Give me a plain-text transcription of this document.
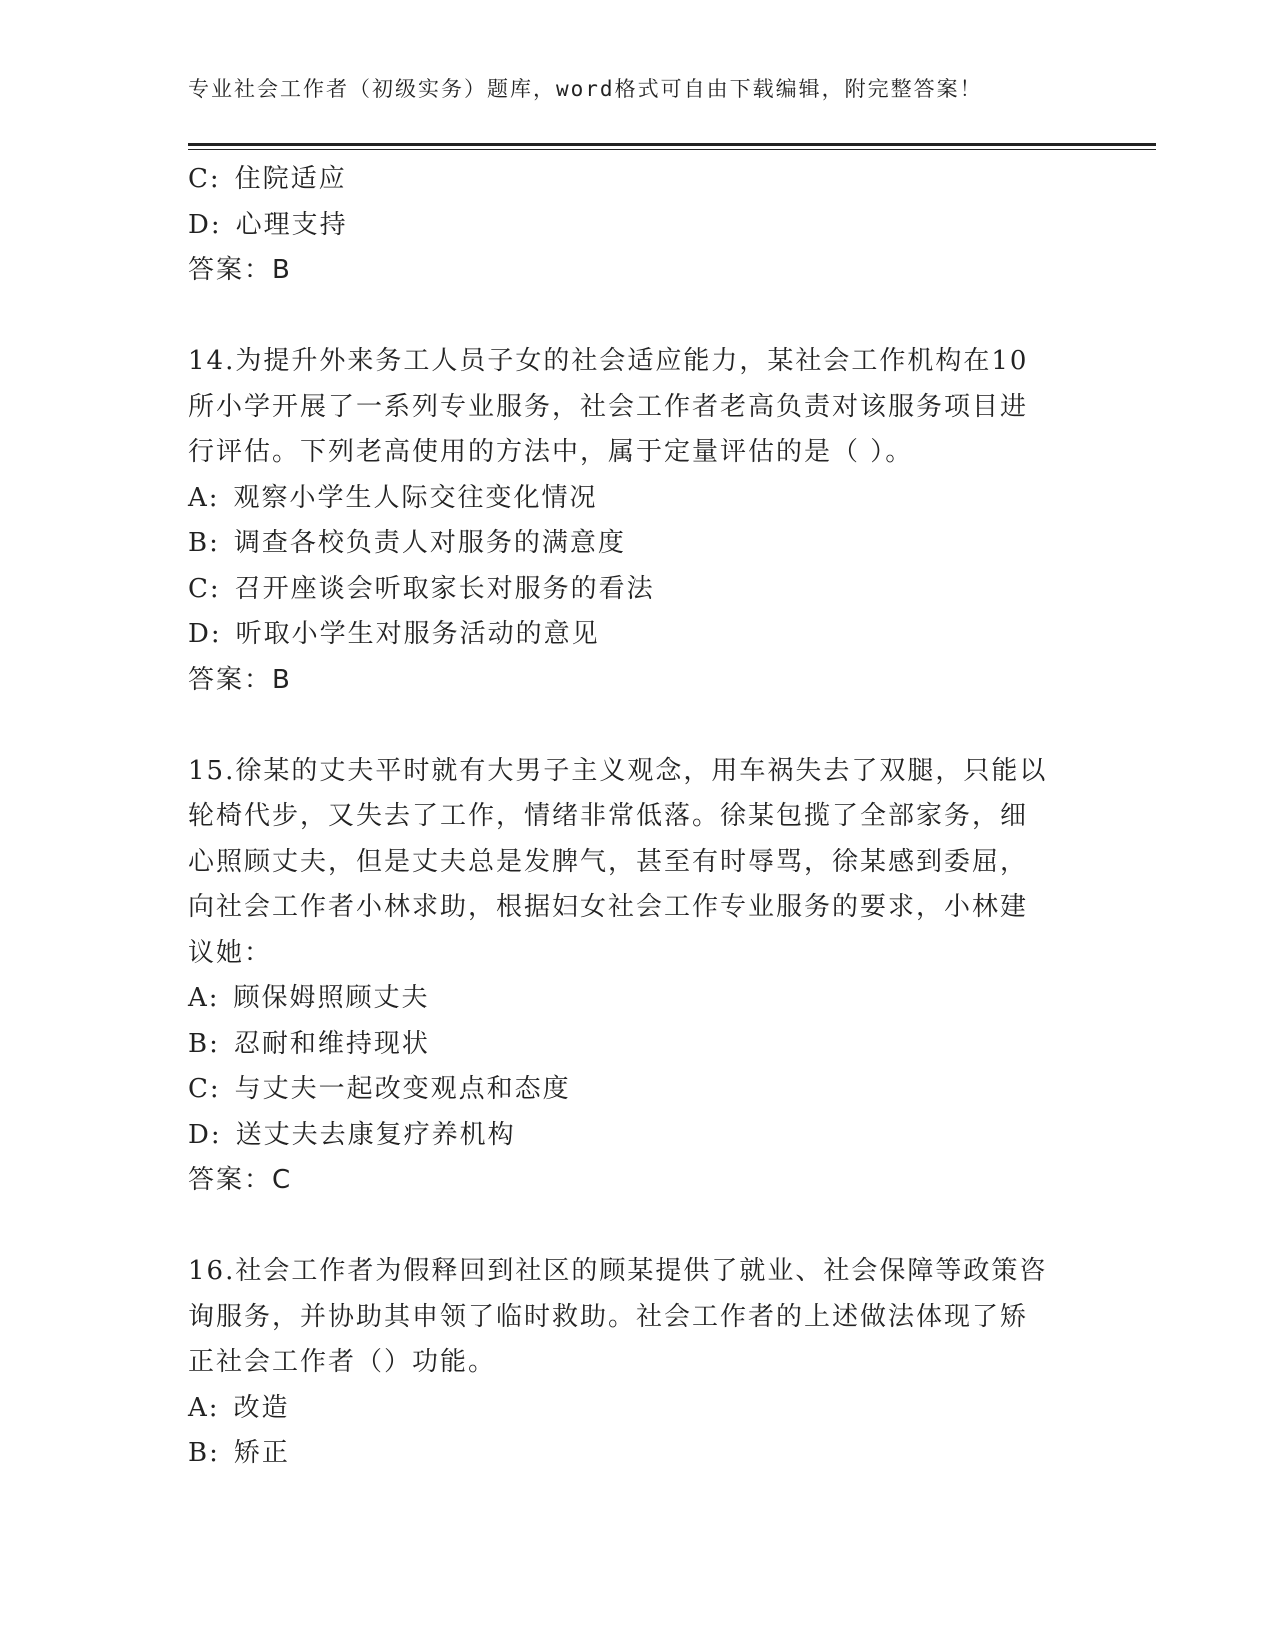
专业社会工作者（初级实务）题库，word格式可自由下载编辑，附完整答案！
C: 住院适应
D: 心理支持
答案：B
14.为提升外来务工人员子女的社会适应能力，某社会工作机构在10
所小学开展了一系列专业服务，社会工作者老高负责对该服务项目进
行评估。下列老高使用的方法中，属于定量评估的是（ ）。
A: 观察小学生人际交往变化情况
B: 调查各校负责人对服务的满意度
C: 召开座谈会听取家长对服务的看法
D: 听取小学生对服务活动的意见
答案：B
15.徐某的丈夫平时就有大男子主义观念，用车祸失去了双腿，只能以
轮椅代步，又失去了工作，情绪非常低落。徐某包揽了全部家务，细
心照顾丈夫，但是丈夫总是发脾气，甚至有时辱骂，徐某感到委屈，
向社会工作者小林求助，根据妇女社会工作专业服务的要求，小林建
议她：
A: 顾保姆照顾丈夫
B: 忍耐和维持现状
C: 与丈夫一起改变观点和态度
D: 送丈夫去康复疗养机构
答案：C
16.社会工作者为假释回到社区的顾某提供了就业、社会保障等政策咨
询服务，并协助其申领了临时救助。社会工作者的上述做法体现了矫
正社会工作者（）功能。
A: 改造
B: 矫正
